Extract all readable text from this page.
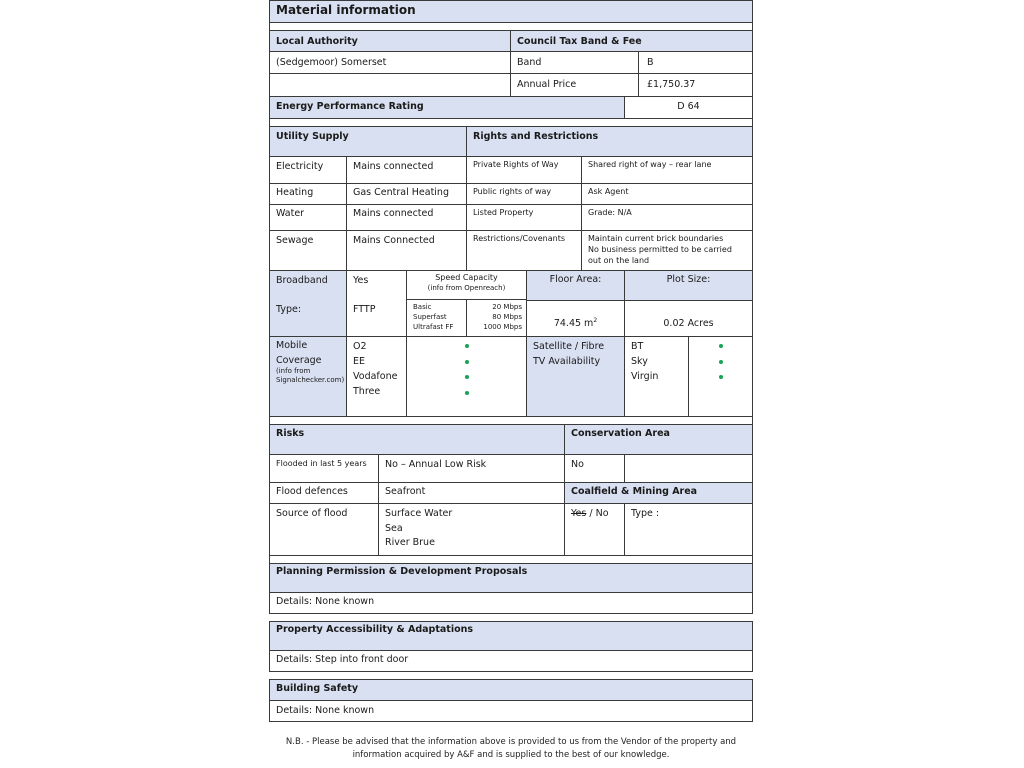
Material information
Local Authority	Council Tax Band & Fee
(Sedgemoor) Somerset	Band	B
Annual Price	£1,750.37
Energy Performance Rating	D 64
Utility Supply	Rights and Restrictions
Electricity	Mains connected
Heating	Gas Central Heating
Water	Mains connected
Sewage	Mains Connected
Private Rights of Way	Shared right of way – rear lane
Public rights of way	Ask Agent
Listed Property	Grade: N/A
Restrictions/Covenants	Maintain current brick boundaries
No business permitted to be carried
out on the land
Broadband
Type:
Yes
FTTP
Speed Capacity
(info from Openreach)
Basic
Superfast
Ultrafast FF
20 Mbps
80 Mbps
1000 Mbps
Floor Area:
74.45 $m^2$
Plot Size:
0.02 Acres
Mobile
Coverage
(info from
Signalchecker.com)
O2
EE
Vodafone
Three
Satellite / Fibre
TV Availability
BT
Sky
Virgin
Risks	Conservation Area
Flooded in last 5 years	No – Annual Low Risk	No
Flood defences	Seafront	Coalfield & Mining Area
Source of flood	Surface Water
Sea
River Brue
Yes / No	Type :
Planning Permission & Development Proposals
Details: None known
Property Accessibility & Adaptations
Details: Step into front door
Building Safety
Details: None known
N.B. - Please be advised that the information above is provided to us from the Vendor of the property and
information acquired by A&F and is supplied to the best of our knowledge.
